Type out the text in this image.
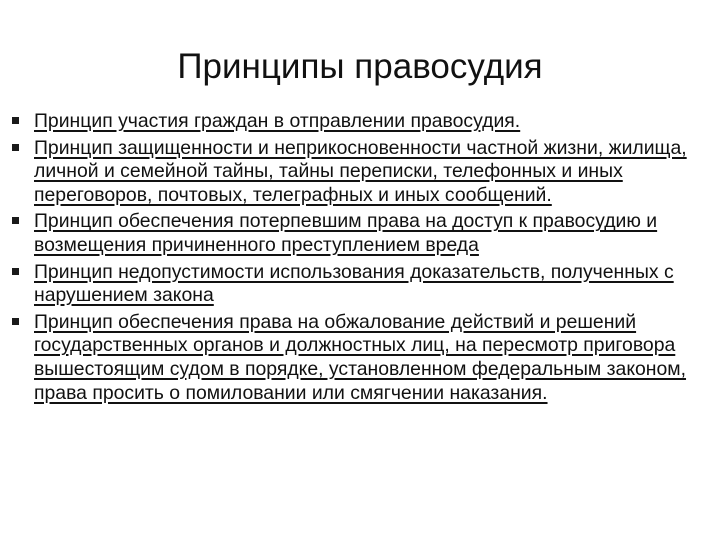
Принципы правосудия
Принцип участия граждан в отправлении правосудия.
Принцип защищенности и неприкосновенности частной жизни, жилища, личной и семейной тайны, тайны переписки, телефонных и иных переговоров, почтовых, телеграфных и иных сообщений.
Принцип обеспечения потерпевшим права на доступ к правосудию и возмещения причиненного преступлением вреда
Принцип недопустимости использования доказательств, полученных с нарушением закона
Принцип обеспечения права на обжалование действий и решений государственных органов и должностных лиц, на пересмотр приговора вышестоящим судом в порядке, установленном федеральным законом, права просить о помиловании или смягчении наказания.
